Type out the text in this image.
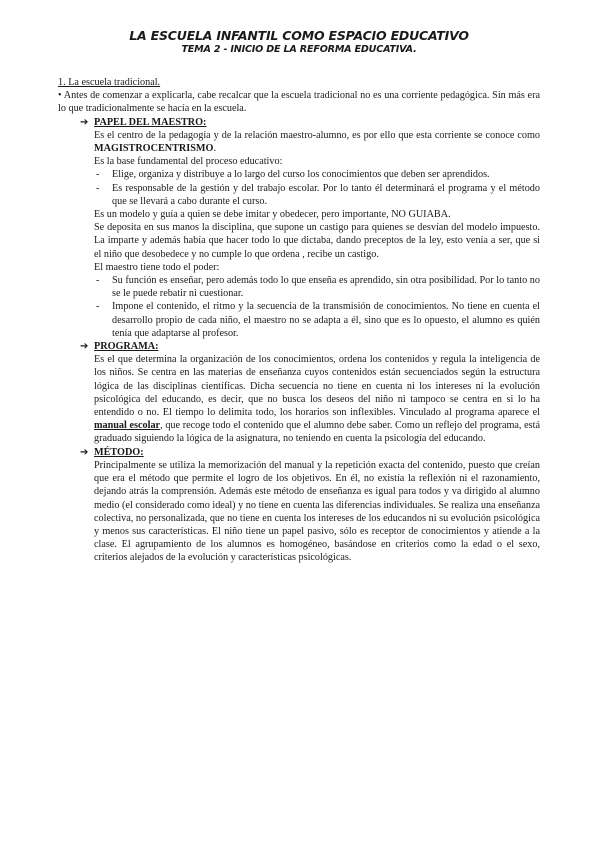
LA ESCUELA INFANTIL COMO ESPACIO EDUCATIVO
TEMA 2 - INICIO DE LA REFORMA EDUCATIVA.

1. La escuela tradicional.

• Antes de comenzar a explicarla, cabe recalcar que la escuela tradicional no es una corriente pedagógica. Sin más era lo que tradicionalmente se hacía en la escuela.

➔ PAPEL DEL MAESTRO:

Es el centro de la pedagogía y de la relación maestro-alumno, es por ello que esta corriente se conoce como MAGISTROCENTRISMO.

Es la base fundamental del proceso educativo:

- Elige, organiza y distribuye a lo largo del curso los conocimientos que deben ser aprendidos.
- Es responsable de la gestión y del trabajo escolar. Por lo tanto él determinará el programa y el método que se llevará a cabo durante el curso.

Es un modelo y guía a quien se debe imitar y obedecer, pero importante, NO GUIABA.

Se deposita en sus manos la disciplina, que supone un castigo para quienes se desvían del modelo impuesto. La imparte y además había que hacer todo lo que dictaba, dando preceptos de la ley, esto venía a ser, que si el niño que desobedece y no cumple lo que ordena , recibe un castigo.

El maestro tiene todo el poder:

- Su función es enseñar, pero además todo lo que enseña es aprendido, sin otra posibilidad. Por lo tanto no se le puede rebatir ni cuestionar.
- Impone el contenido, el ritmo y la secuencia de la transmisión de conocimientos. No tiene en cuenta el desarrollo propio de cada niño, el maestro no se adapta a él, sino que es lo opuesto, el alumno es quién tenía que adaptarse al profesor.
➔ PROGRAMA:

Es el que determina la organización de los conocimientos, ordena los contenidos y regula la inteligencia de los niños. Se centra en las materias de enseñanza cuyos contenidos están secuenciados según la estructura lógica de las disciplinas científicas. Dicha secuencia no tiene en cuenta ni los intereses ni la evolución psicológica del educando, es decir, que no busca los deseos del niño ni tampoco se centra en si lo ha entendido o no. El tiempo lo delimita todo, los horarios son inflexibles. Vinculado al programa aparece el manual escolar, que recoge todo el contenido que el alumno debe saber. Como un reflejo del programa, está graduado siguiendo la lógica de la asignatura, no teniendo en cuenta la psicología del educando.

➔ MÉTODO:

Principalmente se utiliza la memorización del manual y la repetición exacta del contenido, puesto que creían que era el método que permite el logro de los objetivos. En él, no existía la reflexión ni el razonamiento, dejando atrás la comprensión. Además este método de enseñanza es igual para todos y va dirigido al alumno medio (el considerado como ideal) y no tiene en cuenta las diferencias individuales. Se realiza una enseñanza colectiva, no personalizada, que no tiene en cuenta los intereses de los educandos ni su evolución psicológica y menos sus características. El niño tiene un papel pasivo, sólo es receptor de conocimientos y atiende a la clase. El agrupamiento de los alumnos es homogéneo, basándose en criterios como la edad o el sexo, criterios alejados de la evolución y características psicológicas.
